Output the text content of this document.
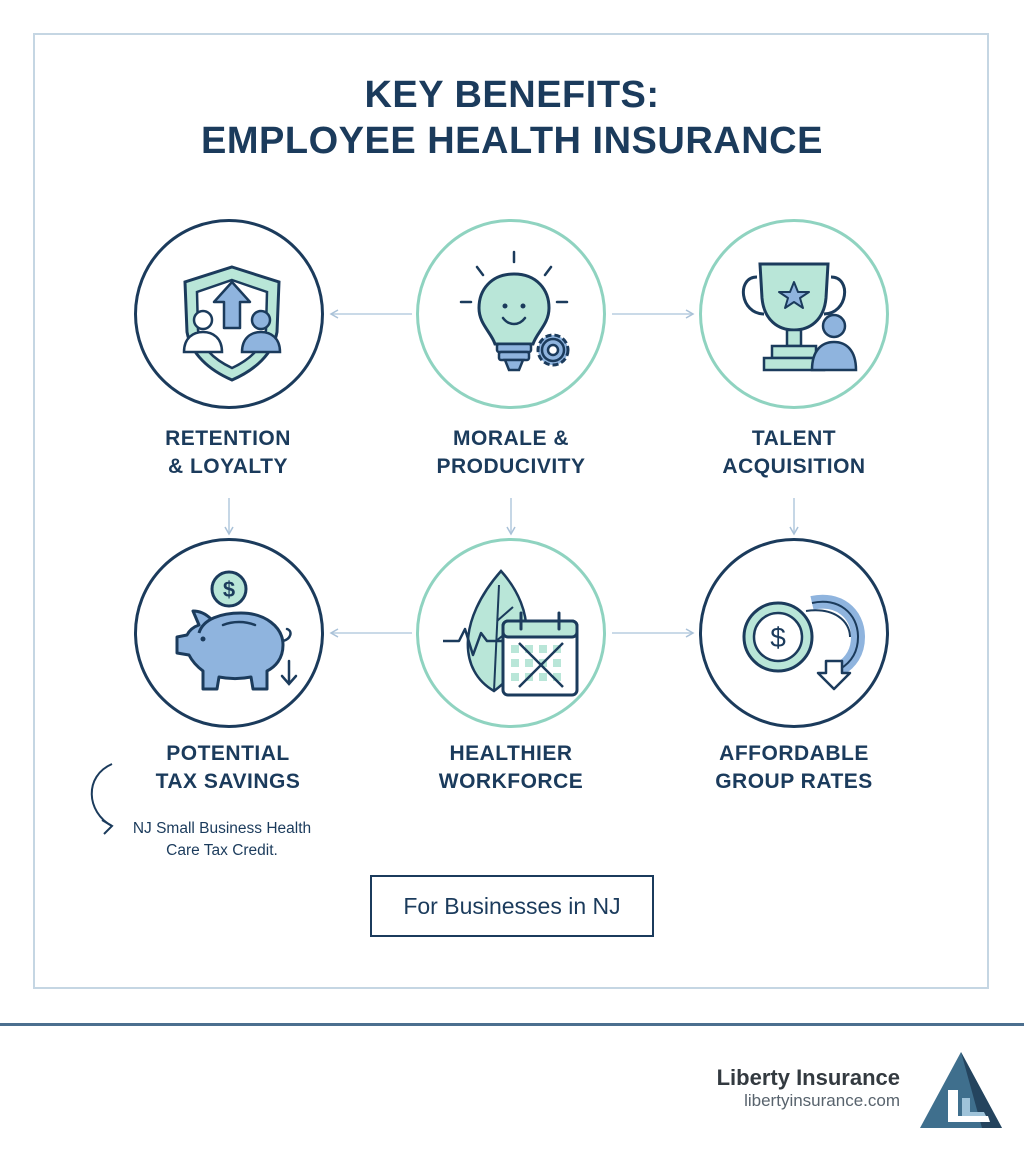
KEY BENEFITS:
EMPLOYEE HEALTH INSURANCE
RETENTION
& LOYALTY
MORALE &
PRODUCIVITY
TALENT
ACQUISITION
$
$
POTENTIAL
TAX SAVINGS
HEALTHIER
WORKFORCE
AFFORDABLE
GROUP RATES
NJ Small Business Health
Care Tax Credit.
For Businesses in NJ
Liberty Insurance
libertyinsurance.com
